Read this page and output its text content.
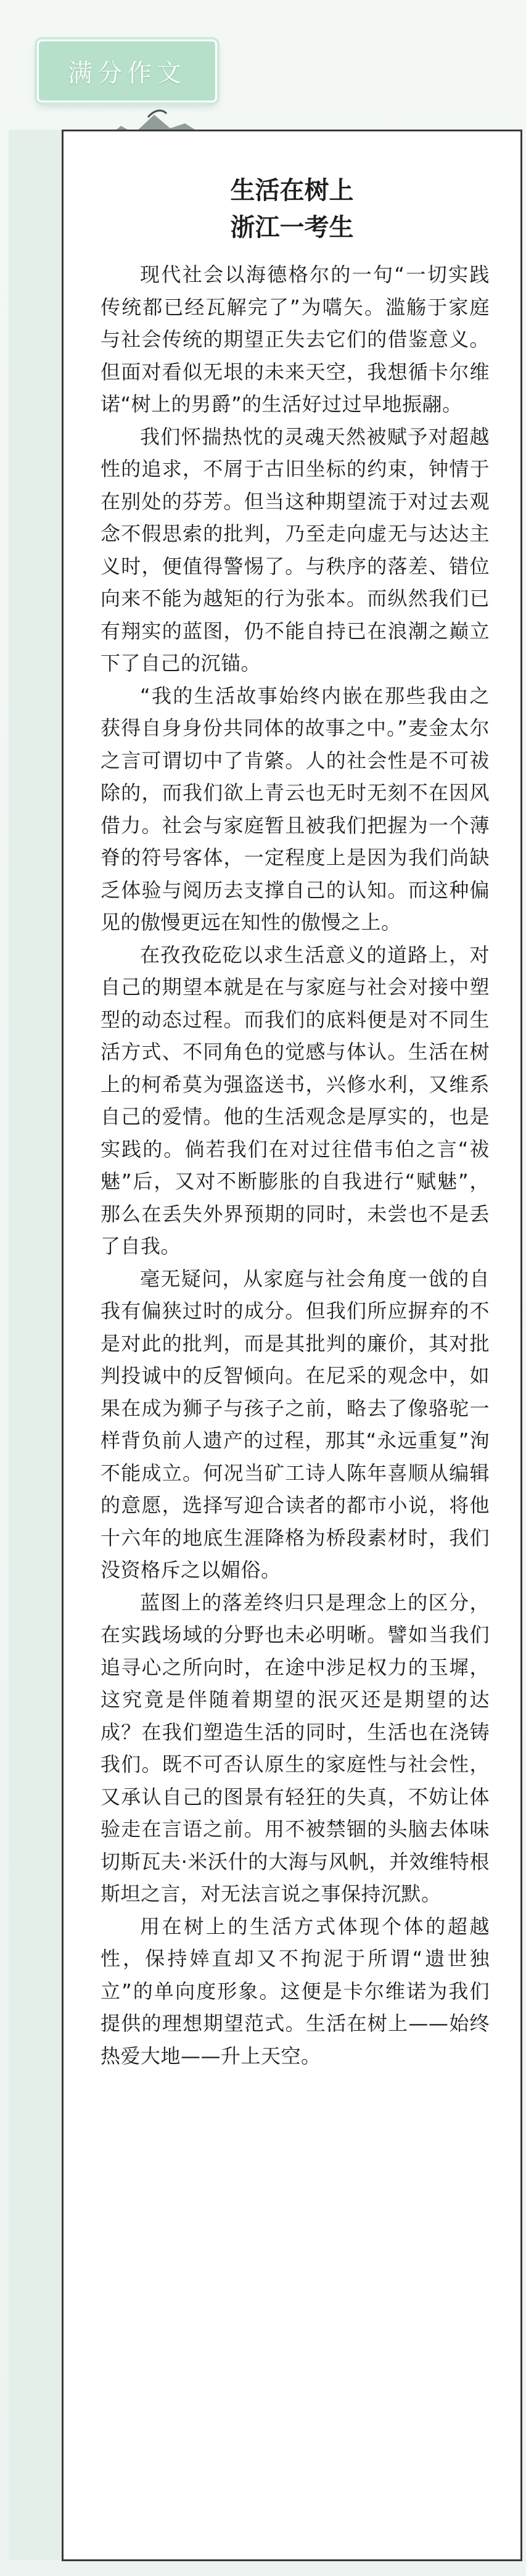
满分作文
生活在树上
浙江一考生

现代社会以海德格尔的一句“一切实践传统都已经瓦解完了”为嚆矢。滥觞于家庭与社会传统的期望正失去它们的借鉴意义。但面对看似无垠的未来天空，我想循卡尔维诺“树上的男爵”的生活好过过早地振翮。

我们怀揣热忱的灵魂天然被赋予对超越性的追求，不屑于古旧坐标的约束，钟情于在别处的芬芳。但当这种期望流于对过去观念不假思索的批判，乃至走向虚无与达达主义时，便值得警惕了。与秩序的落差、错位向来不能为越矩的行为张本。而纵然我们已有翔实的蓝图，仍不能自持已在浪潮之巅立下了自己的沉锚。

“我的生活故事始终内嵌在那些我由之获得自身身份共同体的故事之中。”麦金太尔之言可谓切中了肯綮。人的社会性是不可祓除的，而我们欲上青云也无时无刻不在因风借力。社会与家庭暂且被我们把握为一个薄脊的符号客体，一定程度上是因为我们尚缺乏体验与阅历去支撑自己的认知。而这种偏见的傲慢更远在知性的傲慢之上。

在孜孜矻矻以求生活意义的道路上，对自己的期望本就是在与家庭与社会对接中塑型的动态过程。而我们的底料便是对不同生活方式、不同角色的觉感与体认。生活在树上的柯希莫为强盗送书，兴修水利，又维系自己的爱情。他的生活观念是厚实的，也是实践的。倘若我们在对过往借韦伯之言“祓魅”后，又对不断膨胀的自我进行“赋魅”，那么在丢失外界预期的同时，未尝也不是丢了自我。

毫无疑问，从家庭与社会角度一戗的自我有偏狭过时的成分。但我们所应摒弃的不是对此的批判，而是其批判的廉价，其对批判投诚中的反智倾向。在尼采的观念中，如果在成为狮子与孩子之前，略去了像骆驼一样背负前人遗产的过程，那其“永远重复”洵不能成立。何况当矿工诗人陈年喜顺从编辑的意愿，选择写迎合读者的都市小说，将他十六年的地底生涯降格为桥段素材时，我们没资格斥之以媚俗。

蓝图上的落差终归只是理念上的区分，在实践场域的分野也未必明晰。譬如当我们追寻心之所向时，在途中涉足权力的玉墀，这究竟是伴随着期望的泯灭还是期望的达成？在我们塑造生活的同时，生活也在浇铸我们。既不可否认原生的家庭性与社会性，又承认自己的图景有轻狂的失真，不妨让体验走在言语之前。用不被禁锢的头脑去体味切斯瓦夫·米沃什的大海与风帆，并效维特根斯坦之言，对无法言说之事保持沉默。

用在树上的生活方式体现个体的超越性，保持婞直却又不拘泥于所谓“遗世独立”的单向度形象。这便是卡尔维诺为我们提供的理想期望范式。生活在树上——始终热爱大地——升上天空。
